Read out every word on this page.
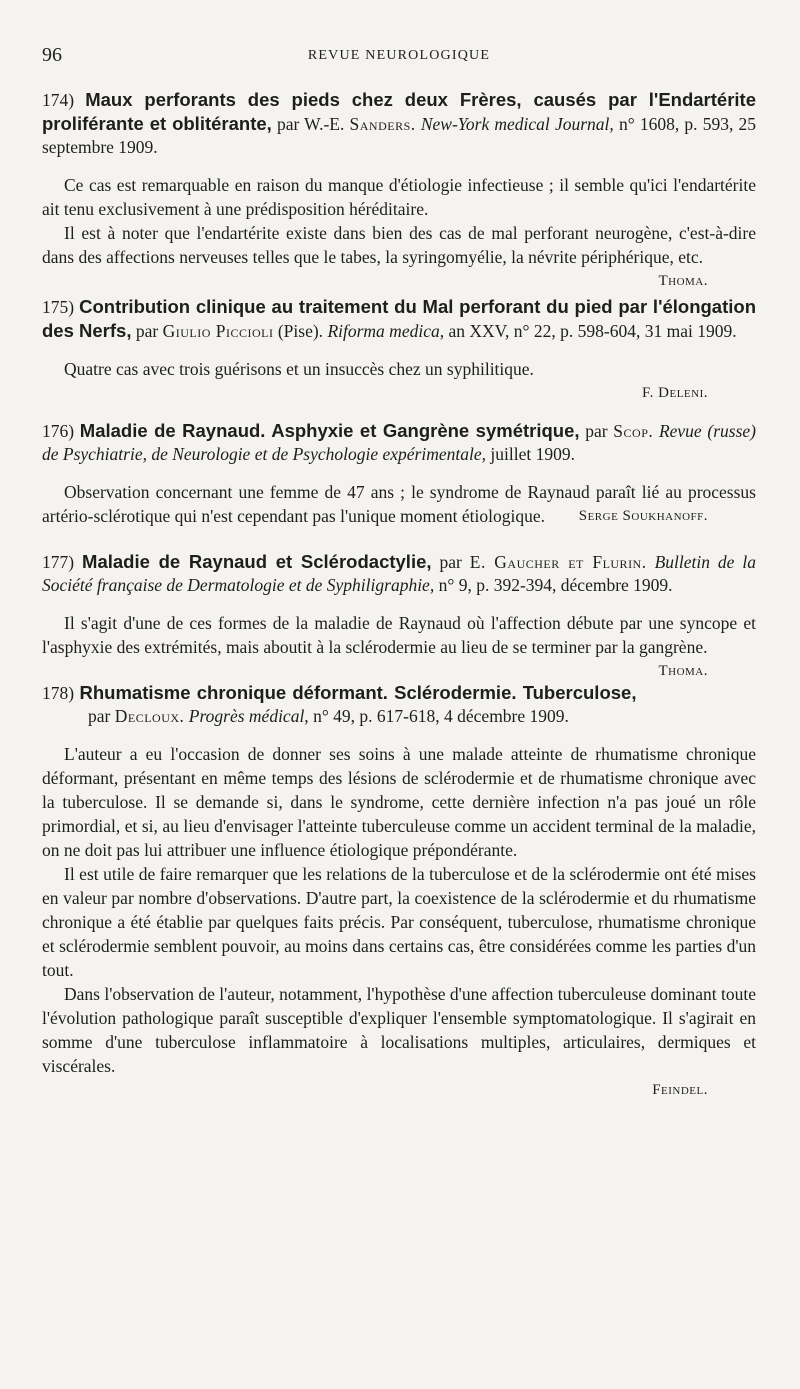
96	REVUE NEUROLOGIQUE
174) Maux perforants des pieds chez deux Frères, causés par l'Endartérite proliférante et oblitérante, par W.-E. Sanders. New-York medical Journal, n° 1608, p. 593, 25 septembre 1909.

Ce cas est remarquable en raison du manque d'étiologie infectieuse ; il semble qu'ici l'endartérite ait tenu exclusivement à une prédisposition héréditaire.

Il est à noter que l'endartérite existe dans bien des cas de mal perforant neurogène, c'est-à-dire dans des affections nerveuses telles que le tabes, la syringomyélie, la névrite périphérique, etc.
Thoma.

175) Contribution clinique au traitement du Mal perforant du pied par l'élongation des Nerfs, par Giulio Piccioli (Pise). Riforma medica, an XXV, n° 22, p. 598-604, 31 mai 1909.

Quatre cas avec trois guérisons et un insuccès chez un syphilitique.

F. Deleni.
176) Maladie de Raynaud. Asphyxie et Gangrène symétrique, par Scop. Revue (russe) de Psychiatrie, de Neurologie et de Psychologie expérimentale, juillet 1909.

Observation concernant une femme de 47 ans ; le syndrome de Raynaud paraît lié au processus artério-sclérotique qui n'est cependant pas l'unique moment étiologique.	Serge Soukhanoff.

177) Maladie de Raynaud et Sclérodactylie, par E. Gaucher et Flurin. Bulletin de la Société française de Dermatologie et de Syphiligraphie, n° 9, p. 392-394, décembre 1909.

Il s'agit d'une de ces formes de la maladie de Raynaud où l'affection débute par une syncope et l'asphyxie des extrémités, mais aboutit à la sclérodermie au lieu de se terminer par la gangrène.
Thoma.

178) Rhumatisme chronique déformant. Sclérodermie. Tuberculose, par Decloux. Progrès médical, n° 49, p. 617-618, 4 décembre 1909.

L'auteur a eu l'occasion de donner ses soins à une malade atteinte de rhumatisme chronique déformant, présentant en même temps des lésions de sclérodermie et de rhumatisme chronique avec la tuberculose. Il se demande si, dans le syndrome, cette dernière infection n'a pas joué un rôle primordial, et si, au lieu d'envisager l'atteinte tuberculeuse comme un accident terminal de la maladie, on ne doit pas lui attribuer une influence étiologique prépondérante.

Il est utile de faire remarquer que les relations de la tuberculose et de la sclérodermie ont été mises en valeur par nombre d'observations. D'autre part, la coexistence de la sclérodermie et du rhumatisme chronique a été établie par quelques faits précis. Par conséquent, tuberculose, rhumatisme chronique et sclérodermie semblent pouvoir, au moins dans certains cas, être considérées comme les parties d'un tout.

Dans l'observation de l'auteur, notamment, l'hypothèse d'une affection tuberculeuse dominant toute l'évolution pathologique paraît susceptible d'expliquer l'ensemble symptomatologique. Il s'agirait en somme d'une tuberculose inflammatoire à localisations multiples, articulaires, dermiques et viscérales.

Feindel.
